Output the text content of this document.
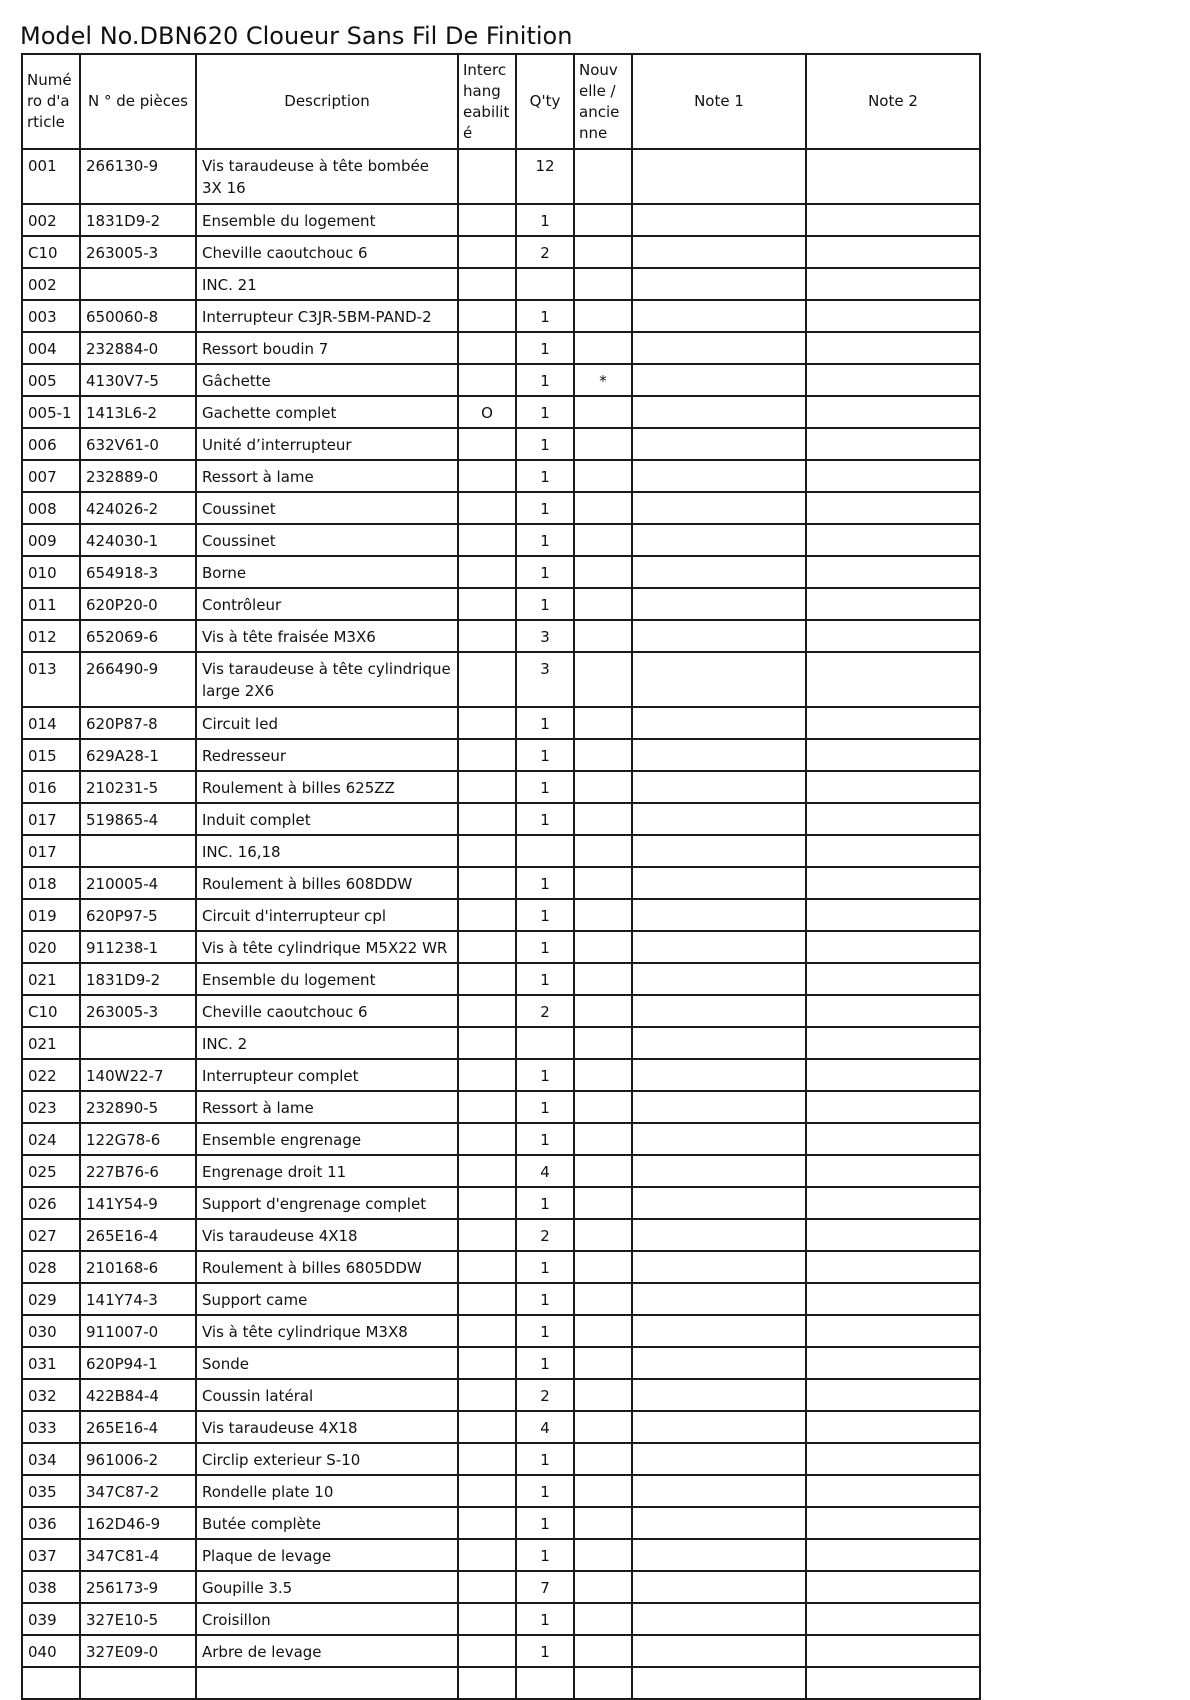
Model No.DBN620 Cloueur Sans Fil De Finition
Numé ro d'a rticle	N ° de pièces	Description	Interc hang eabilit é	Q'ty	Nouv elle / ancie nne	Note 1	Note 2
001	266130-9	Vis taraudeuse à tête bombée 3X 16		12			
002	1831D9-2	Ensemble du logement		1			
C10	263005-3	Cheville caoutchouc 6		2			
002		INC. 21					
003	650060-8	Interrupteur C3JR-5BM-PAND-2		1			
004	232884-0	Ressort boudin 7		1			
005	4130V7-5	Gâchette		1	*		
005-1	1413L6-2	Gachette complet	O	1			
006	632V61-0	Unité d’interrupteur		1			
007	232889-0	Ressort à lame		1			
008	424026-2	Coussinet		1			
009	424030-1	Coussinet		1			
010	654918-3	Borne		1			
011	620P20-0	Contrôleur		1			
012	652069-6	Vis à tête fraisée M3X6		3			
013	266490-9	Vis taraudeuse à tête cylindrique large 2X6		3			
014	620P87-8	Circuit led		1			
015	629A28-1	Redresseur		1			
016	210231-5	Roulement à billes 625ZZ		1			
017	519865-4	Induit complet		1			
017		INC. 16,18					
018	210005-4	Roulement à billes 608DDW		1			
019	620P97-5	Circuit d'interrupteur cpl		1			
020	911238-1	Vis à tête cylindrique M5X22 WR		1			
021	1831D9-2	Ensemble du logement		1			
C10	263005-3	Cheville caoutchouc 6		2			
021		INC. 2					
022	140W22-7	Interrupteur complet		1			
023	232890-5	Ressort à lame		1			
024	122G78-6	Ensemble engrenage		1			
025	227B76-6	Engrenage droit 11		4			
026	141Y54-9	Support d'engrenage complet		1			
027	265E16-4	Vis taraudeuse 4X18		2			
028	210168-6	Roulement à billes 6805DDW		1			
029	141Y74-3	Support came		1			
030	911007-0	Vis à tête cylindrique M3X8		1			
031	620P94-1	Sonde		1			
032	422B84-4	Coussin latéral		2			
033	265E16-4	Vis taraudeuse 4X18		4			
034	961006-2	Circlip exterieur S-10		1			
035	347C87-2	Rondelle plate 10		1			
036	162D46-9	Butée complète		1			
037	347C81-4	Plaque de levage		1			
038	256173-9	Goupille 3.5		7			
039	327E10-5	Croisillon		1			
040	327E09-0	Arbre de levage		1			
